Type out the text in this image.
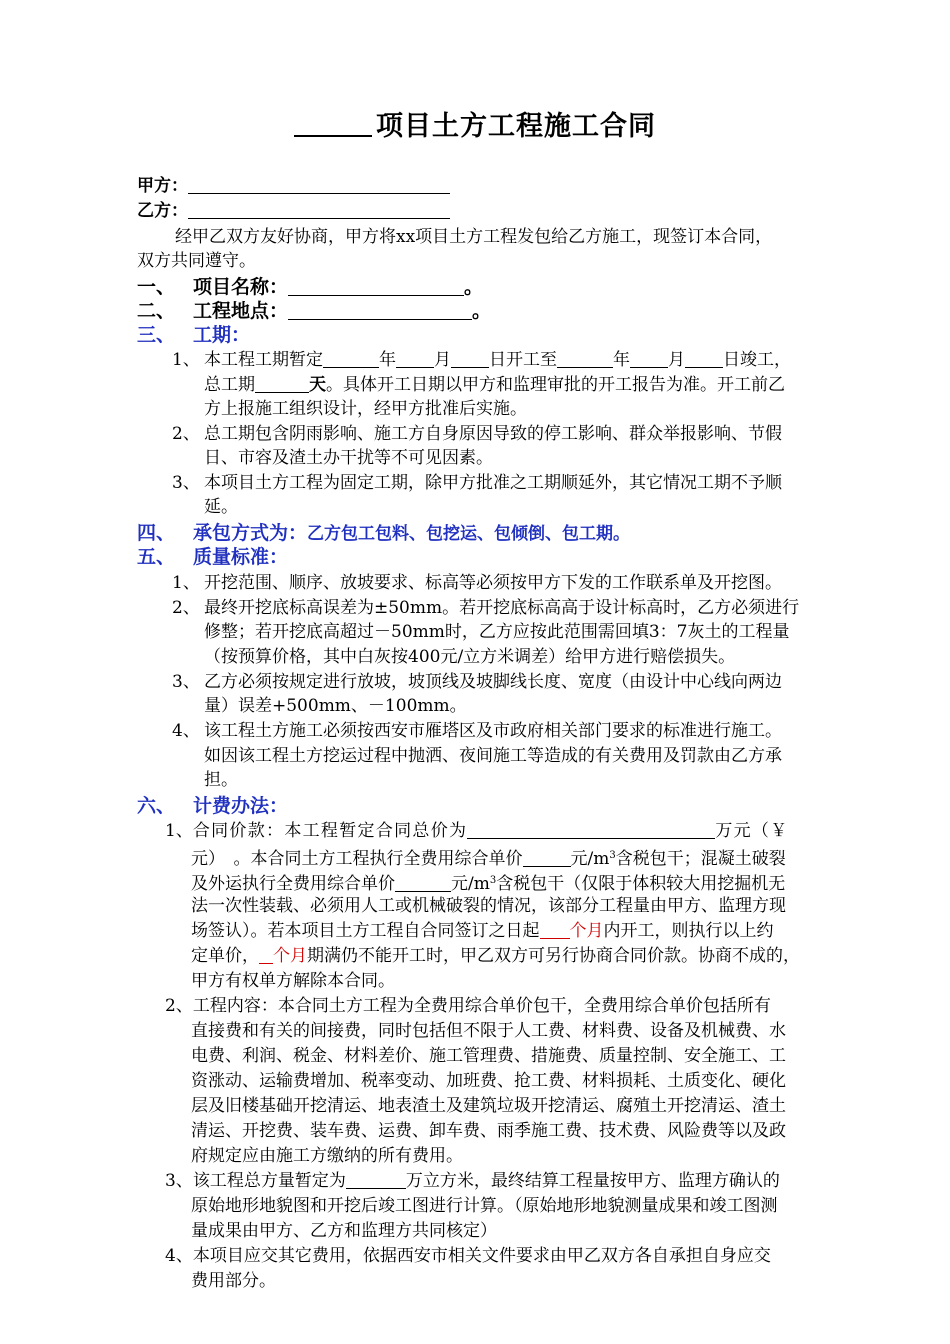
项目土方工程施工合同
甲方：
乙方：
经甲乙双方友好协商，甲方将xx项目土方工程发包给乙方施工，现签订本合同，
双方共同遵守。
一、 项目名称：	。
二、 工程地点：	。
三、 工期：
1、 本工程工期暂定	年 月 日开工至	年 月 日竣工，
总工期	天。具体开工日期以甲方和监理审批的开工报告为准。开工前乙
方上报施工组织设计，经甲方批准后实施。
2、 总工期包含阴雨影响、施工方自身原因导致的停工影响、群众举报影响、节假
日、市容及渣土办干扰等不可见因素。
3、 本项目土方工程为固定工期，除甲方批准之工期顺延外，其它情况工期不予顺
延。
四、 承包方式为：乙方包工包料、包挖运、包倾倒、包工期。
五、 质量标准：
1、 开挖范围、顺序、放坡要求、标高等必须按甲方下发的工作联系单及开挖图。
2、 最终开挖底标高误差为±50mm。若开挖底标高高于设计标高时，乙方必须进行
修整；若开挖底高超过－50mm时，乙方应按此范围需回填3：7灰土的工程量
（按预算价格，其中白灰按400元/立方米调差）给甲方进行赔偿损失。
3、 乙方必须按规定进行放坡，坡顶线及坡脚线长度、宽度（由设计中心线向两边
量）误差+500mm、－100mm。
4、 该工程土方施工必须按西安市雁塔区及市政府相关部门要求的标准进行施工。
如因该工程土方挖运过程中抛洒、夜间施工等造成的有关费用及罚款由乙方承
担。
六、 计费办法：
1、合同价款：本工程暂定合同总价为	万元（￥
元）　。本合同土方工程执行全费用综合单价	元$/m^3$含税包干；混凝土破裂
及外运执行全费用综合单价	元$/m^3$含税包干（仅限于体积较大用挖掘机无
法一次性装载、必须用人工或机械破裂的情况，该部分工程量由甲方、监理方现
场签认）。若本项目土方工程自合同签订之日起 个月内开工，则执行以上约
定单价， 个月期满仍不能开工时，甲乙双方可另行协商合同价款。协商不成的，
甲方有权单方解除本合同。
2、工程内容：本合同土方工程为全费用综合单价包干，全费用综合单价包括所有
直接费和有关的间接费，同时包括但不限于人工费、材料费、设备及机械费、水
电费、利润、税金、材料差价、施工管理费、措施费、质量控制、安全施工、工
资涨动、运输费增加、税率变动、加班费、抢工费、材料损耗、土质变化、硬化
层及旧楼基础开挖清运、地表渣土及建筑垃圾开挖清运、腐殖土开挖清运、渣土
清运、开挖费、装车费、运费、卸车费、雨季施工费、技术费、风险费等以及政
府规定应由施工方缴纳的所有费用。
3、该工程总方量暂定为	万立方米，最终结算工程量按甲方、监理方确认的
原始地形地貌图和开挖后竣工图进行计算。（原始地形地貌测量成果和竣工图测
量成果由甲方、乙方和监理方共同核定）
4、本项目应交其它费用，依据西安市相关文件要求由甲乙双方各自承担自身应交
费用部分。
